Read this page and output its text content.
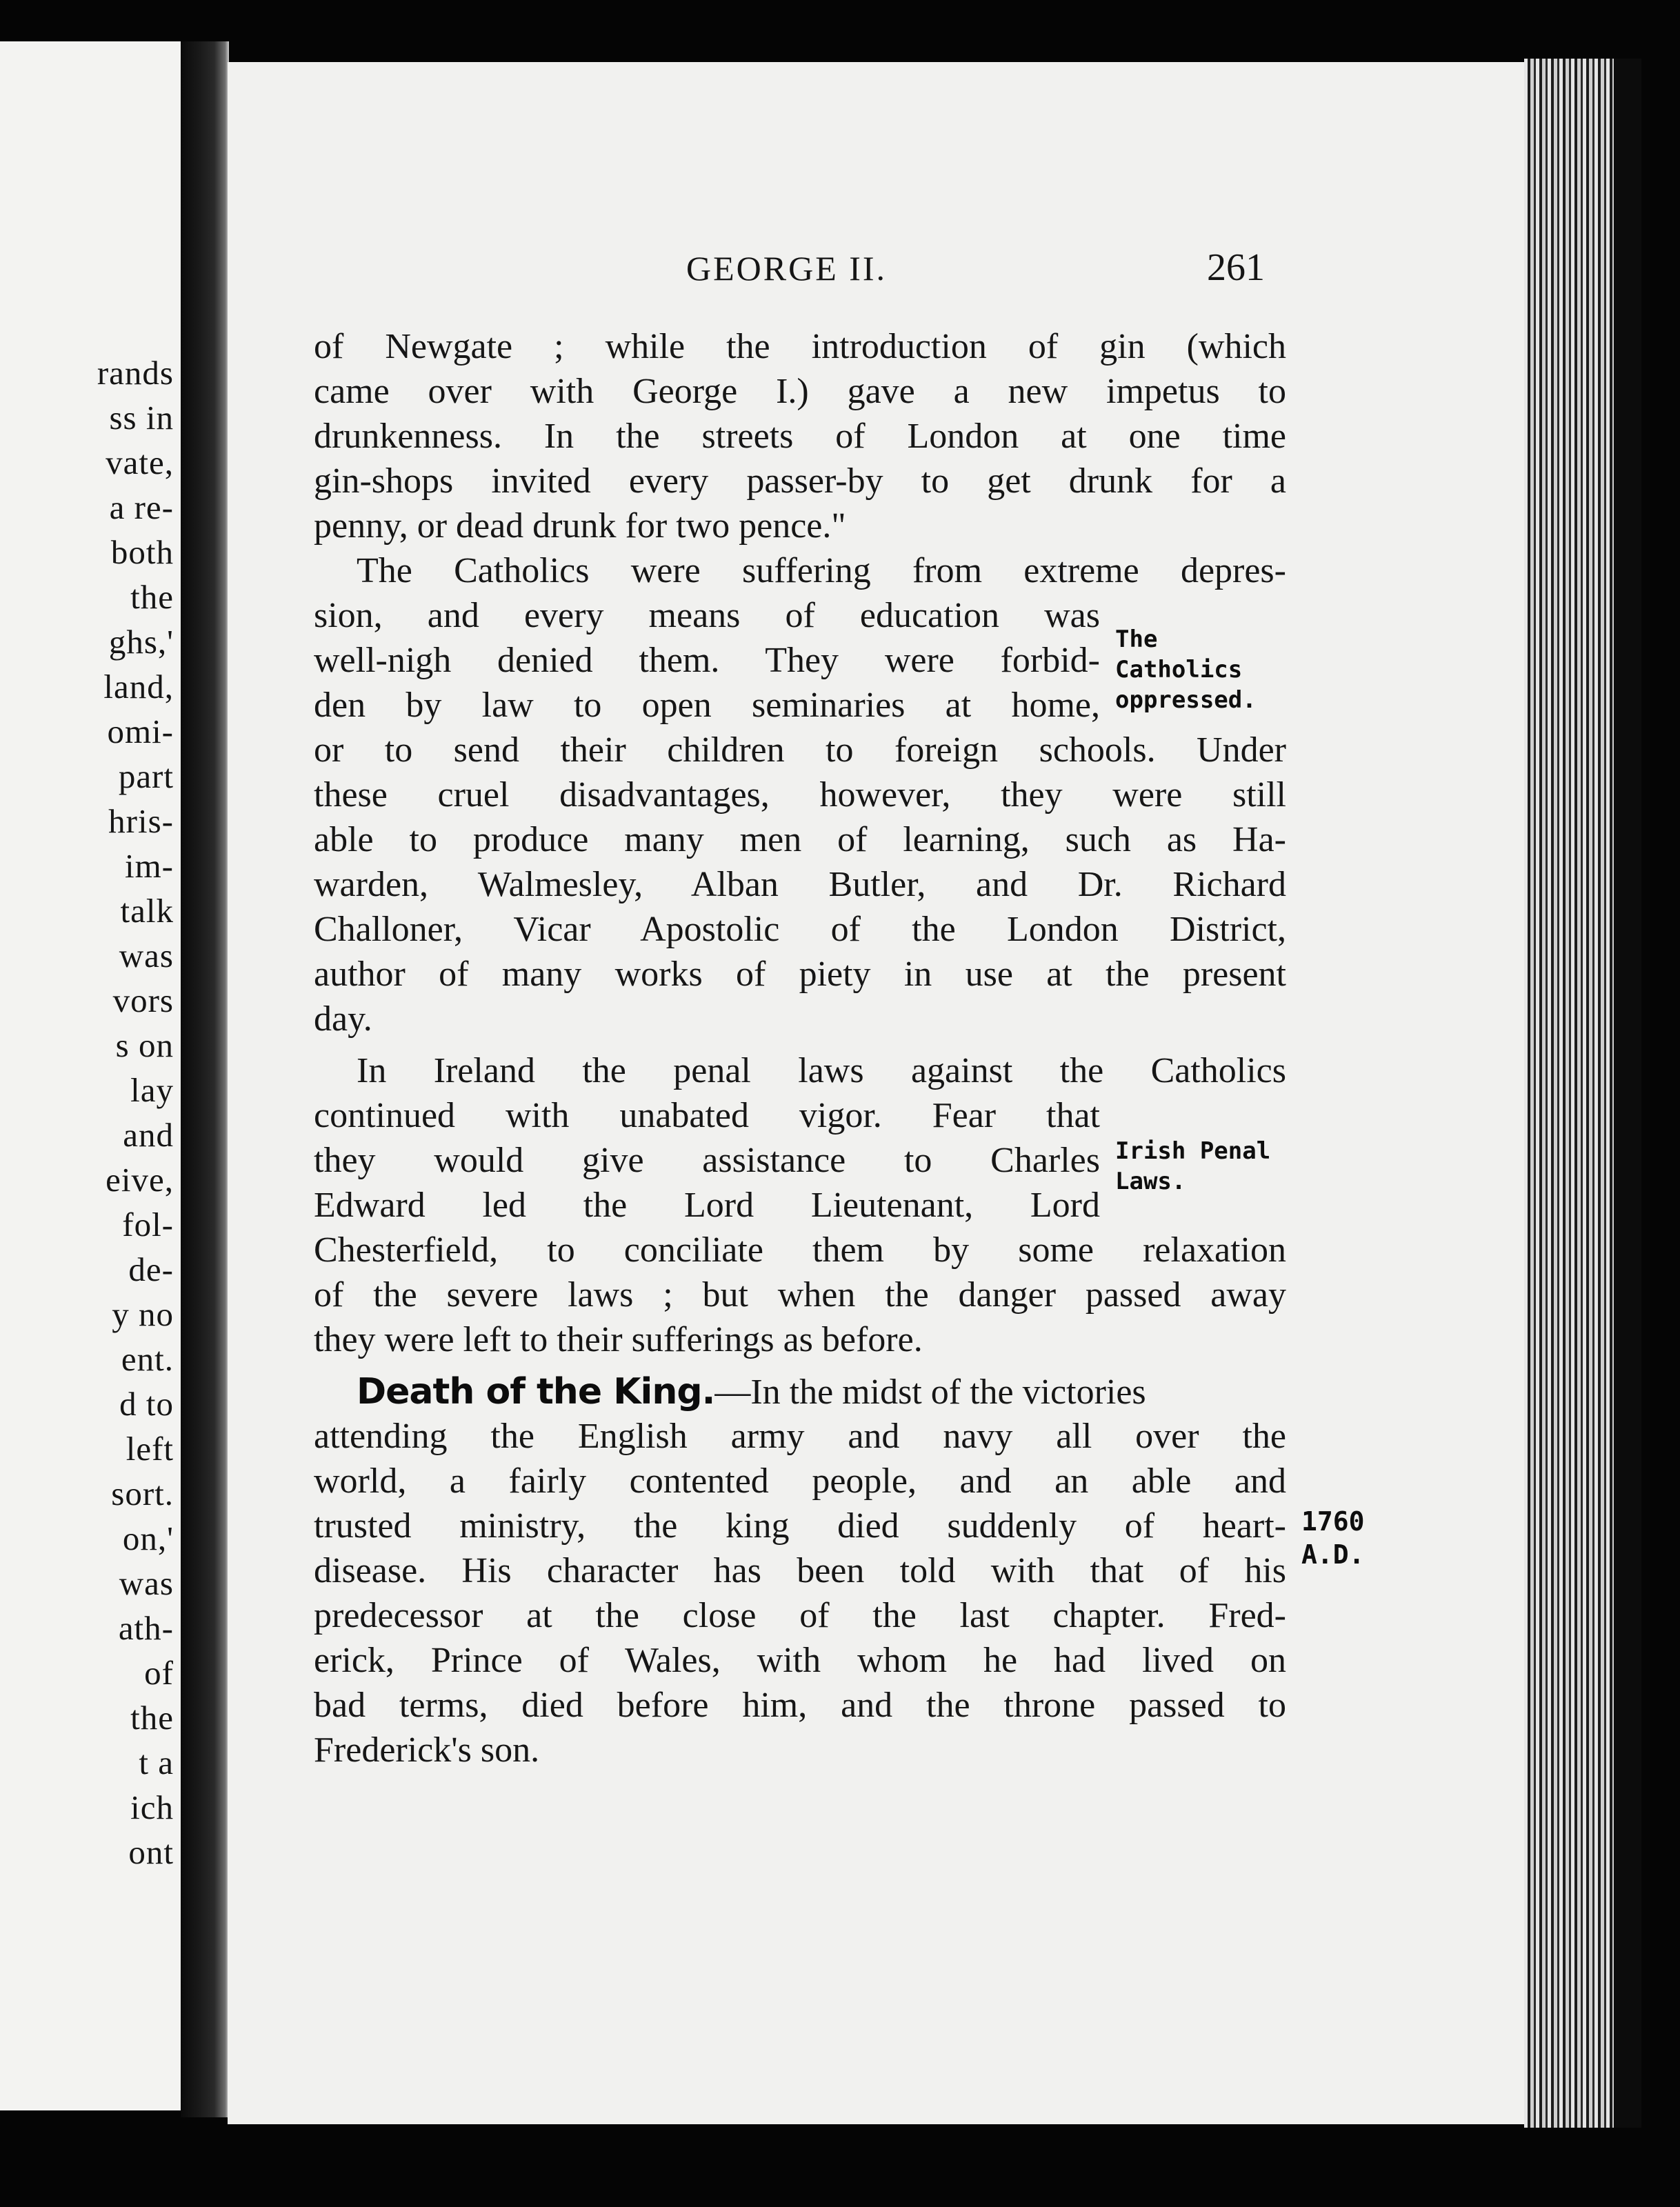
rands
ss in
vate,
a re-
both
the
ghs,'
land,
omi-
part
hris-
im-
talk
was
vors
s on
lay
and
eive,
fol-
de-
y no
ent.
d to
left
sort.
on,'
was
ath-
of
the
t a
ich
ont
GEORGE II.	261
of Newgate ; while the introduction of gin (which
came over with George I.) gave a new impetus to
drunkenness. In the streets of London at one time
gin-shops invited every passer-by to get drunk for a
penny, or dead drunk for two pence."
The Catholics were suffering from extreme depres-
sion, and every means of education was
well-nigh denied them. They were forbid-
den by law to open seminaries at home,
or to send their children to foreign schools. Under
these cruel disadvantages, however, they were still
able to produce many men of learning, such as Ha-
warden, Walmesley, Alban Butler, and Dr. Richard
Challoner, Vicar Apostolic of the London District,
author of many works of piety in use at the present
day.
In Ireland the penal laws against the Catholics
continued with unabated vigor. Fear that
they would give assistance to Charles
Edward led the Lord Lieutenant, Lord
Chesterfield, to conciliate them by some relaxation
of the severe laws ; but when the danger passed away
they were left to their sufferings as before.
Death of the King.—In the midst of the victories
attending the English army and navy all over the
world, a fairly contented people, and an able and
trusted ministry, the king died suddenly of heart-
disease. His character has been told with that of his
predecessor at the close of the last chapter. Fred-
erick, Prince of Wales, with whom he had lived on
bad terms, died before him, and the throne passed to
Frederick's son.
The
Catholics
oppressed.
Irish Penal
Laws.
1760
A.D.
